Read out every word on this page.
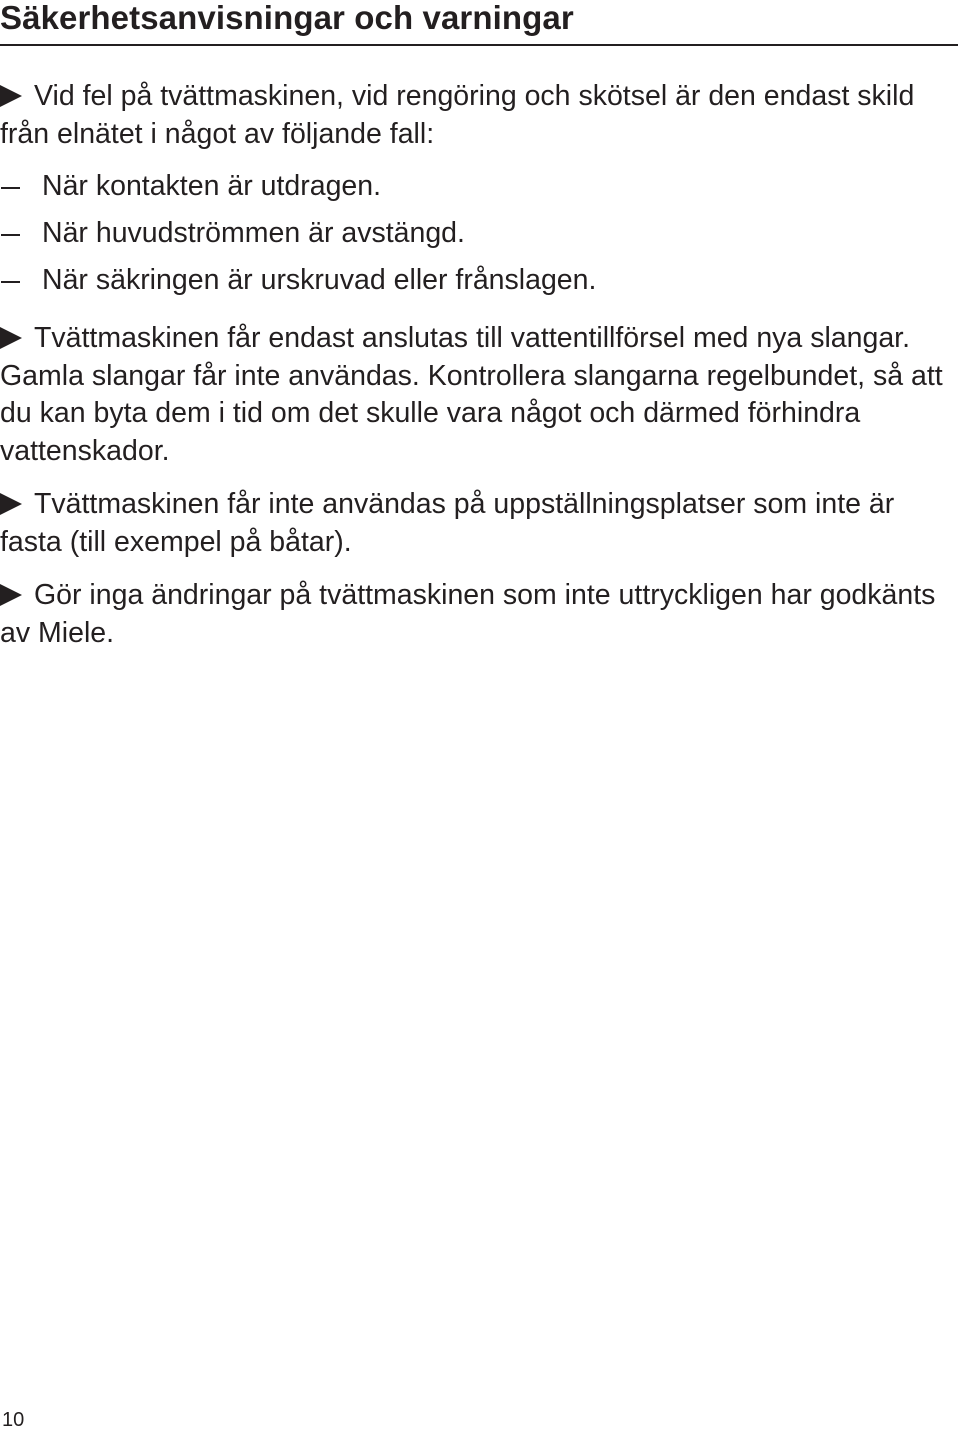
Säkerhetsanvisningar och varningar

Vid fel på tvättmaskinen, vid rengöring och skötsel är den endast skild från elnätet i något av följande fall:

När kontakten är utdragen.
När huvudströmmen är avstängd.
När säkringen är urskruvad eller frånslagen.

Tvättmaskinen får endast anslutas till vattentillförsel med nya slangar. Gamla slangar får inte användas. Kontrollera slangarna regelbundet, så att du kan byta dem i tid om det skulle vara något och därmed förhindra vattenskador.

Tvättmaskinen får inte användas på uppställningsplatser som inte är fasta (till exempel på båtar).

Gör inga ändringar på tvättmaskinen som inte uttryckligen har godkänts av Miele.

10
